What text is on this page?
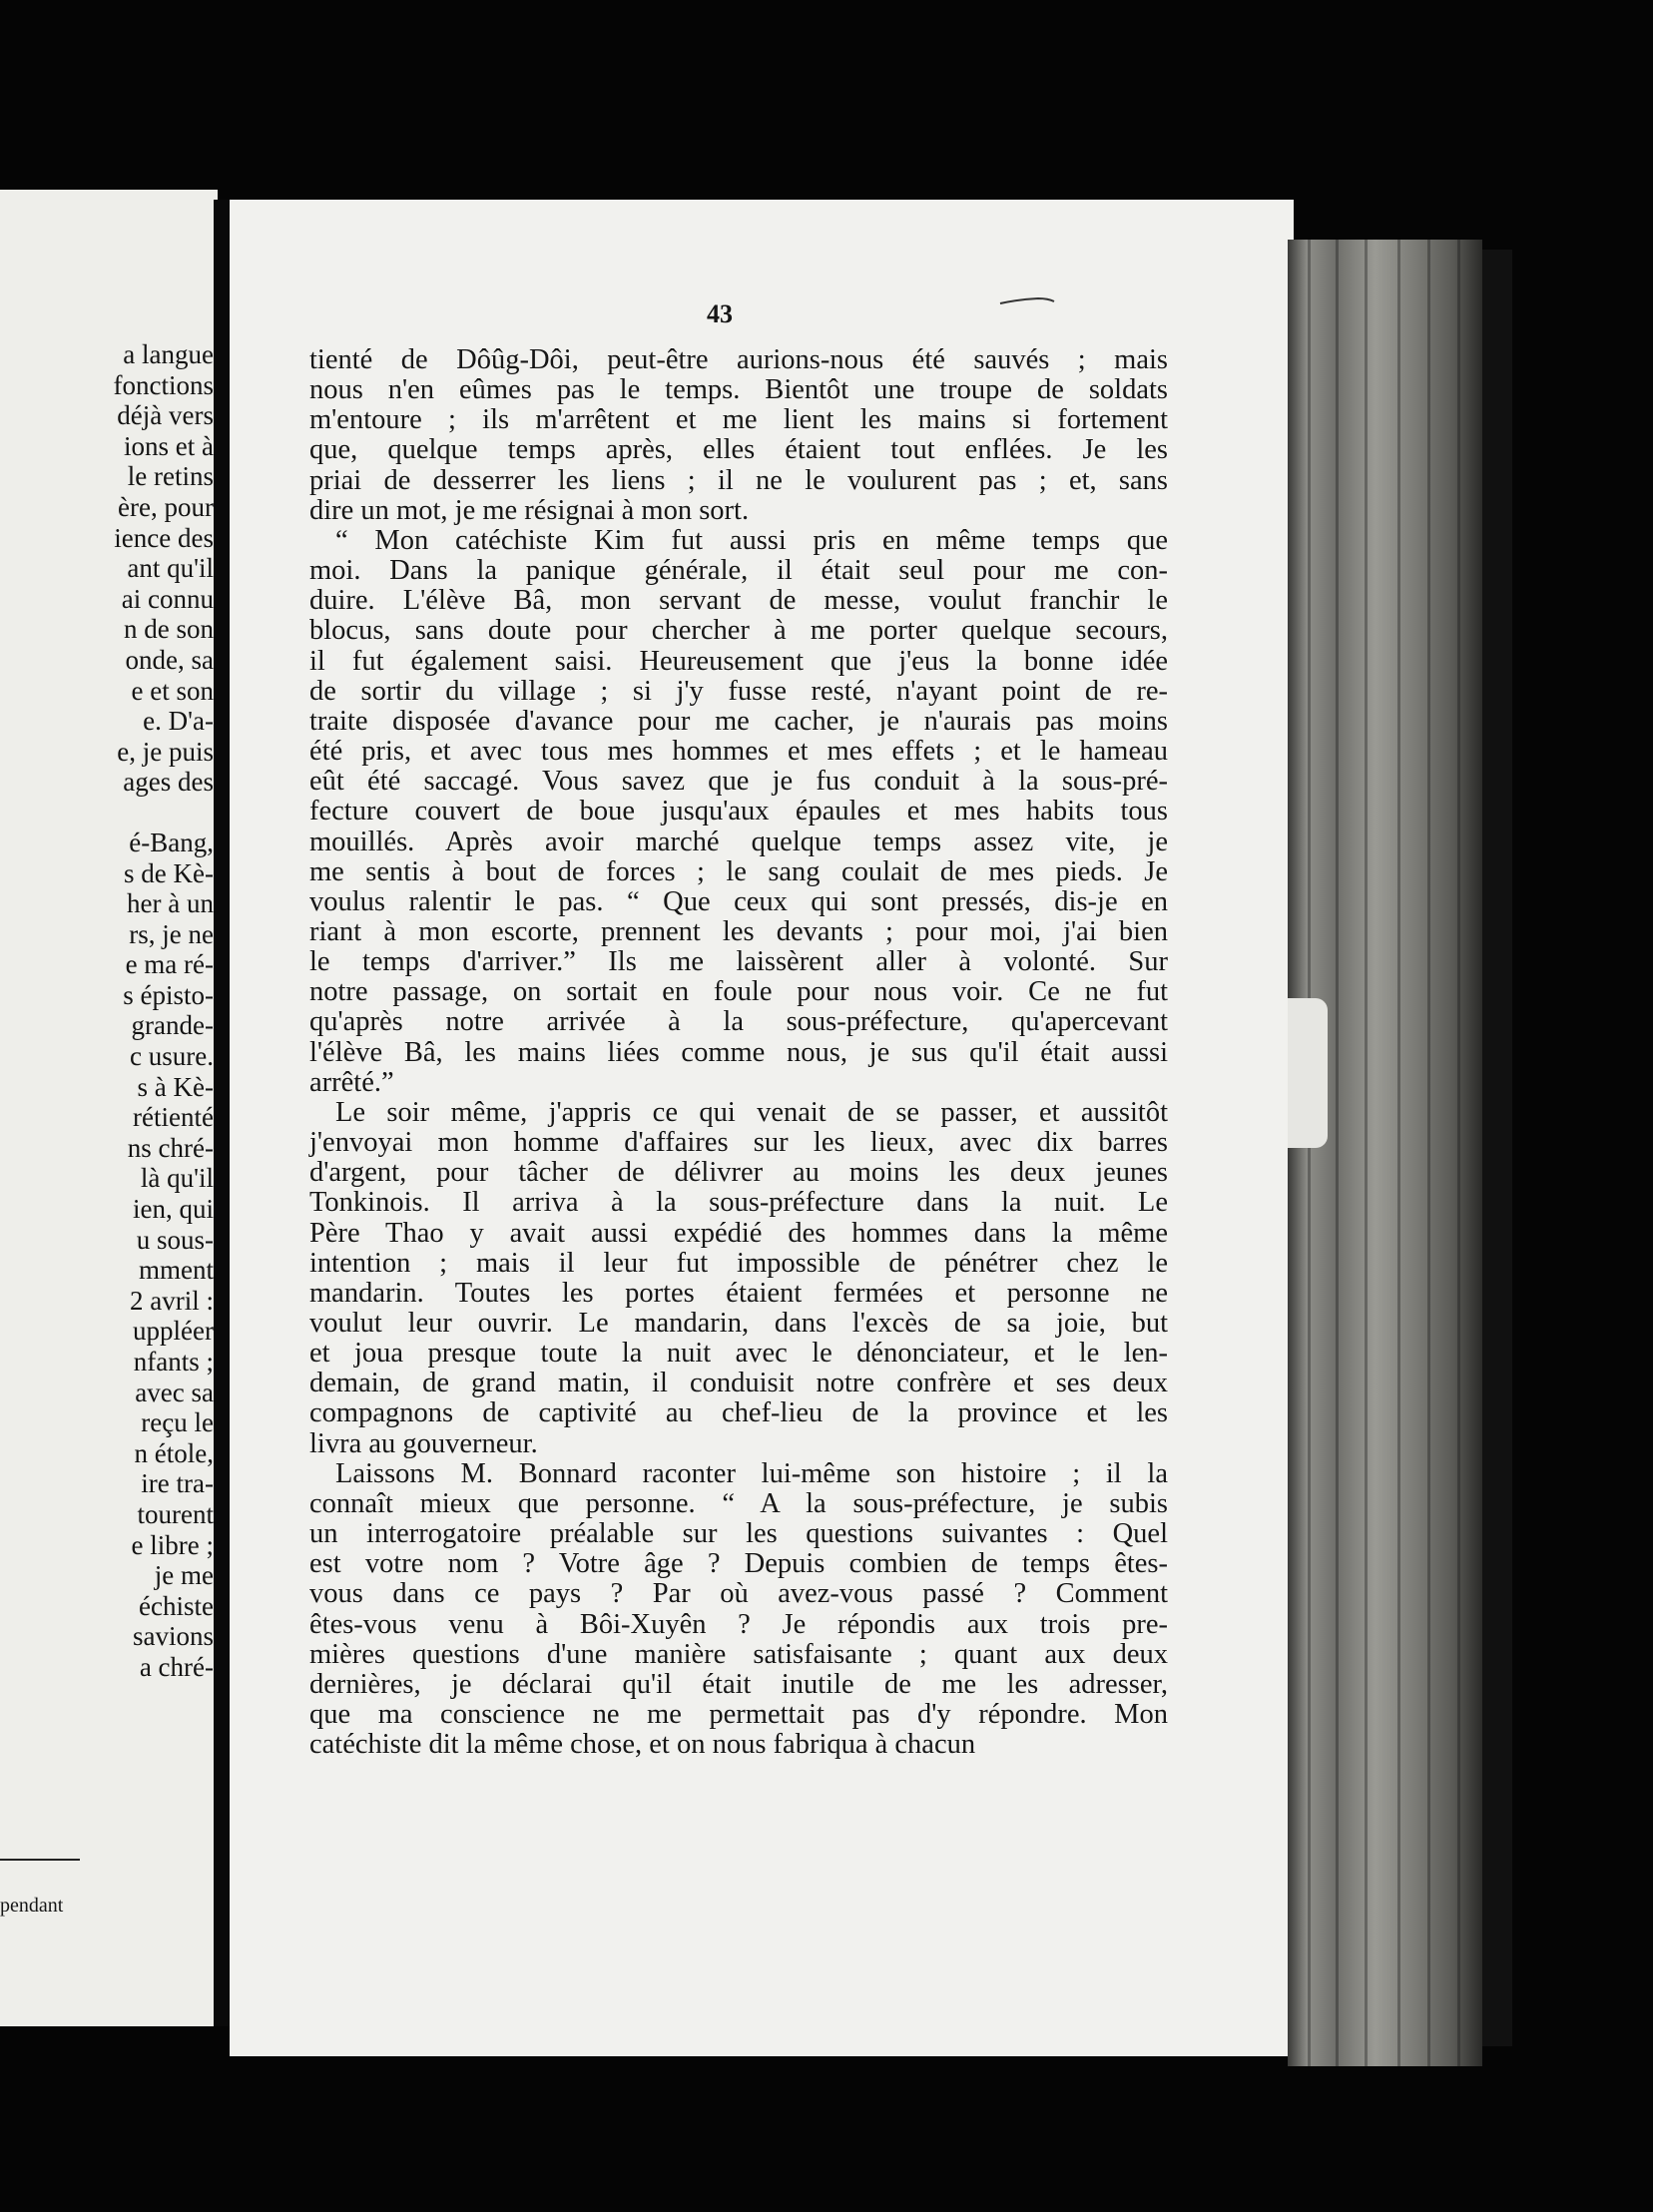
a langue
fonctions
déjà vers
ions et à
le retins
ère, pour
ience des
ant qu'il
ai connu
n de son
onde, sa
e et son
e. D'a-
e, je puis
ages des
é-Bang,
s de Kè-
her à un
rs, je ne
e ma ré-
s épisto-
grande-
c usure.
s à Kè-
rétienté
ns chré-
là qu'il
ien, qui
u sous-
mment
2 avril :
uppléer
nfants ;
avec sa
reçu le
n étole,
ire tra-
tourent
e libre ;
je me
échiste
savions
a chré-
pendant
43
tienté de Dôûg-Dôi, peut-être aurions-nous été sauvés ; mais
nous n'en eûmes pas le temps. Bientôt une troupe de soldats
m'entoure ; ils m'arrêtent et me lient les mains si fortement
que, quelque temps après, elles étaient tout enflées. Je les
priai de desserrer les liens ; il ne le voulurent pas ; et, sans
dire un mot, je me résignai à mon sort.
“ Mon catéchiste Kim fut aussi pris en même temps que
moi. Dans la panique générale, il était seul pour me con-
duire. L'élève Bâ, mon servant de messe, voulut franchir le
blocus, sans doute pour chercher à me porter quelque secours,
il fut également saisi. Heureusement que j'eus la bonne idée
de sortir du village ; si j'y fusse resté, n'ayant point de re-
traite disposée d'avance pour me cacher, je n'aurais pas moins
été pris, et avec tous mes hommes et mes effets ; et le hameau
eût été saccagé. Vous savez que je fus conduit à la sous-pré-
fecture couvert de boue jusqu'aux épaules et mes habits tous
mouillés. Après avoir marché quelque temps assez vite, je
me sentis à bout de forces ; le sang coulait de mes pieds. Je
voulus ralentir le pas. “ Que ceux qui sont pressés, dis-je en
riant à mon escorte, prennent les devants ; pour moi, j'ai bien
le temps d'arriver.” Ils me laissèrent aller à volonté. Sur
notre passage, on sortait en foule pour nous voir. Ce ne fut
qu'après notre arrivée à la sous-préfecture, qu'apercevant
l'élève Bâ, les mains liées comme nous, je sus qu'il était aussi
arrêté.”
Le soir même, j'appris ce qui venait de se passer, et aussitôt
j'envoyai mon homme d'affaires sur les lieux, avec dix barres
d'argent, pour tâcher de délivrer au moins les deux jeunes
Tonkinois. Il arriva à la sous-préfecture dans la nuit. Le
Père Thao y avait aussi expédié des hommes dans la même
intention ; mais il leur fut impossible de pénétrer chez le
mandarin. Toutes les portes étaient fermées et personne ne
voulut leur ouvrir. Le mandarin, dans l'excès de sa joie, but
et joua presque toute la nuit avec le dénonciateur, et le len-
demain, de grand matin, il conduisit notre confrère et ses deux
compagnons de captivité au chef-lieu de la province et les
livra au gouverneur.
Laissons M. Bonnard raconter lui-même son histoire ; il la
connaît mieux que personne. “ A la sous-préfecture, je subis
un interrogatoire préalable sur les questions suivantes : Quel
est votre nom ? Votre âge ? Depuis combien de temps êtes-
vous dans ce pays ? Par où avez-vous passé ? Comment
êtes-vous venu à Bôi-Xuyên ? Je répondis aux trois pre-
mières questions d'une manière satisfaisante ; quant aux deux
dernières, je déclarai qu'il était inutile de me les adresser,
que ma conscience ne me permettait pas d'y répondre. Mon
catéchiste dit la même chose, et on nous fabriqua à chacun
